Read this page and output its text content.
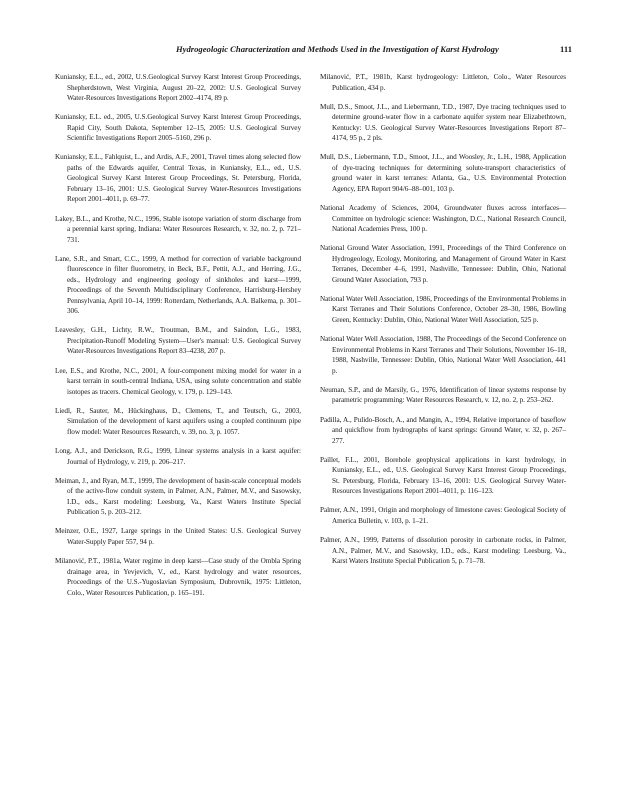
Hydrogeologic Characterization and Methods Used in the Investigation of Karst Hydrology	111

Kuniansky, E.L., ed., 2002, U.S.Geological Survey Karst Interest Group Proceedings, Shepherdstown, West Virginia, August 20–22, 2002: U.S. Geological Survey Water-Resources Investigations Report 2002–4174, 89 p.

Kuniansky, E.L. ed., 2005, U.S.Geological Survey Karst Interest Group Proceedings, Rapid City, South Dakota, September 12–15, 2005: U.S. Geological Survey Scientific Investigations Report 2005–5160, 296 p.

Kuniansky, E.L., Fahlquist, L., and Ardis, A.F., 2001, Travel times along selected flow paths of the Edwards aquifer, Central Texas, in Kuniansky, E.L., ed., U.S. Geological Survey Karst Interest Group Proceedings, St. Petersburg, Florida, February 13–16, 2001: U.S. Geological Survey Water-Resources Investigations Report 2001–4011, p. 69–77.

Lakey, B.L., and Krothe, N.C., 1996, Stable isotope variation of storm discharge from a perennial karst spring, Indiana: Water Resources Research, v. 32, no. 2, p. 721–731.

Lane, S.R., and Smart, C.C., 1999, A method for correction of variable background fluorescence in filter fluorometry, in Beck, B.F., Pettit, A.J., and Herring, J.G., eds., Hydrology and engineering geology of sinkholes and karst—1999, Proceedings of the Seventh Multidisciplinary Conference, Harrisburg-Hershey Pennsylvania, April 10–14, 1999: Rotterdam, Netherlands, A.A. Balkema, p. 301–306.

Leavesley, G.H., Lichty, R.W., Troutman, B.M., and Saindon, L.G., 1983, Precipitation-Runoff Modeling System—User's manual: U.S. Geological Survey Water-Resources Investigations Report 83–4238, 207 p.

Lee, E.S., and Krothe, N.C., 2001, A four-component mixing model for water in a karst terrain in south-central Indiana, USA, using solute concentration and stable isotopes as tracers. Chemical Geology, v. 179, p. 129–143.

Liedl, R., Sauter, M., Hückinghaus, D., Clemens, T., and Teutsch, G., 2003, Simulation of the development of karst aquifers using a coupled continuum pipe flow model: Water Resources Research, v. 39, no. 3, p. 1057.

Long, A.J., and Derickson, R.G., 1999, Linear systems analysis in a karst aquifer: Journal of Hydrology, v. 219, p. 206–217.

Meiman, J., and Ryan, M.T., 1999, The development of basin-scale conceptual models of the active-flow conduit system, in Palmer, A.N., Palmer, M.V., and Sasowsky, I.D., eds., Karst modeling: Leesburg, Va., Karst Waters Institute Special Publication 5, p. 203–212.

Meinzer, O.E., 1927, Large springs in the United States: U.S. Geological Survey Water-Supply Paper 557, 94 p.

Milanović, P.T., 1981a, Water regime in deep karst—Case study of the Ombla Spring drainage area, in Yevjevich, V., ed., Karst hydrology and water resources, Proceedings of the U.S.-Yugoslavian Symposium, Dubrovnik, 1975: Littleton, Colo., Water Resources Publication, p. 165–191.

Milanović, P.T., 1981b, Karst hydrogeology: Littleton, Colo., Water Resources Publication, 434 p.

Mull, D.S., Smoot, J.L., and Liebermann, T.D., 1987, Dye tracing techniques used to determine ground-water flow in a carbonate aquifer system near Elizabethtown, Kentucky: U.S. Geological Survey Water-Resources Investigations Report 87–4174, 95 p., 2 pls.

Mull, D.S., Liebermann, T.D., Smoot, J.L., and Woosley, Jr., L.H., 1988, Application of dye-tracing techniques for determining solute-transport characteristics of ground water in karst terranes: Atlanta, Ga., U.S. Environmental Protection Agency, EPA Report 904/6–88–001, 103 p.

National Academy of Sciences, 2004, Groundwater fluxes across interfaces—Committee on hydrologic science: Washington, D.C., National Research Council, National Academies Press, 100 p.

National Ground Water Association, 1991, Proceedings of the Third Conference on Hydrogeology, Ecology, Monitoring, and Management of Ground Water in Karst Terranes, December 4–6, 1991, Nashville, Tennessee: Dublin, Ohio, National Ground Water Association, 793 p.

National Water Well Association, 1986, Proceedings of the Environmental Problems in Karst Terranes and Their Solutions Conference, October 28–30, 1986, Bowling Green, Kentucky: Dublin, Ohio, National Water Well Association, 525 p.

National Water Well Association, 1988, The Proceedings of the Second Conference on Environmental Problems in Karst Terranes and Their Solutions, November 16–18, 1988, Nashville, Tennessee: Dublin, Ohio, National Water Well Association, 441 p.

Neuman, S.P., and de Marsily, G., 1976, Identification of linear systems response by parametric programming: Water Resources Research, v. 12, no. 2, p. 253–262.

Padilla, A., Pulido-Bosch, A., and Mangin, A., 1994, Relative importance of baseflow and quickflow from hydrographs of karst springs: Ground Water, v. 32, p. 267–277.

Paillet, F.L., 2001, Borehole geophysical applications in karst hydrology, in Kuniansky, E.L., ed., U.S. Geological Survey Karst Interest Group Proceedings, St. Petersburg, Florida, February 13–16, 2001: U.S. Geological Survey Water-Resources Investigations Report 2001–4011, p. 116–123.

Palmer, A.N., 1991, Origin and morphology of limestone caves: Geological Society of America Bulletin, v. 103, p. 1–21.

Palmer, A.N., 1999, Patterns of dissolution porosity in carbonate rocks, in Palmer, A.N., Palmer, M.V., and Sasowsky, I.D., eds., Karst modeling: Leesburg, Va., Karst Waters Institute Special Publication 5, p. 71–78.
